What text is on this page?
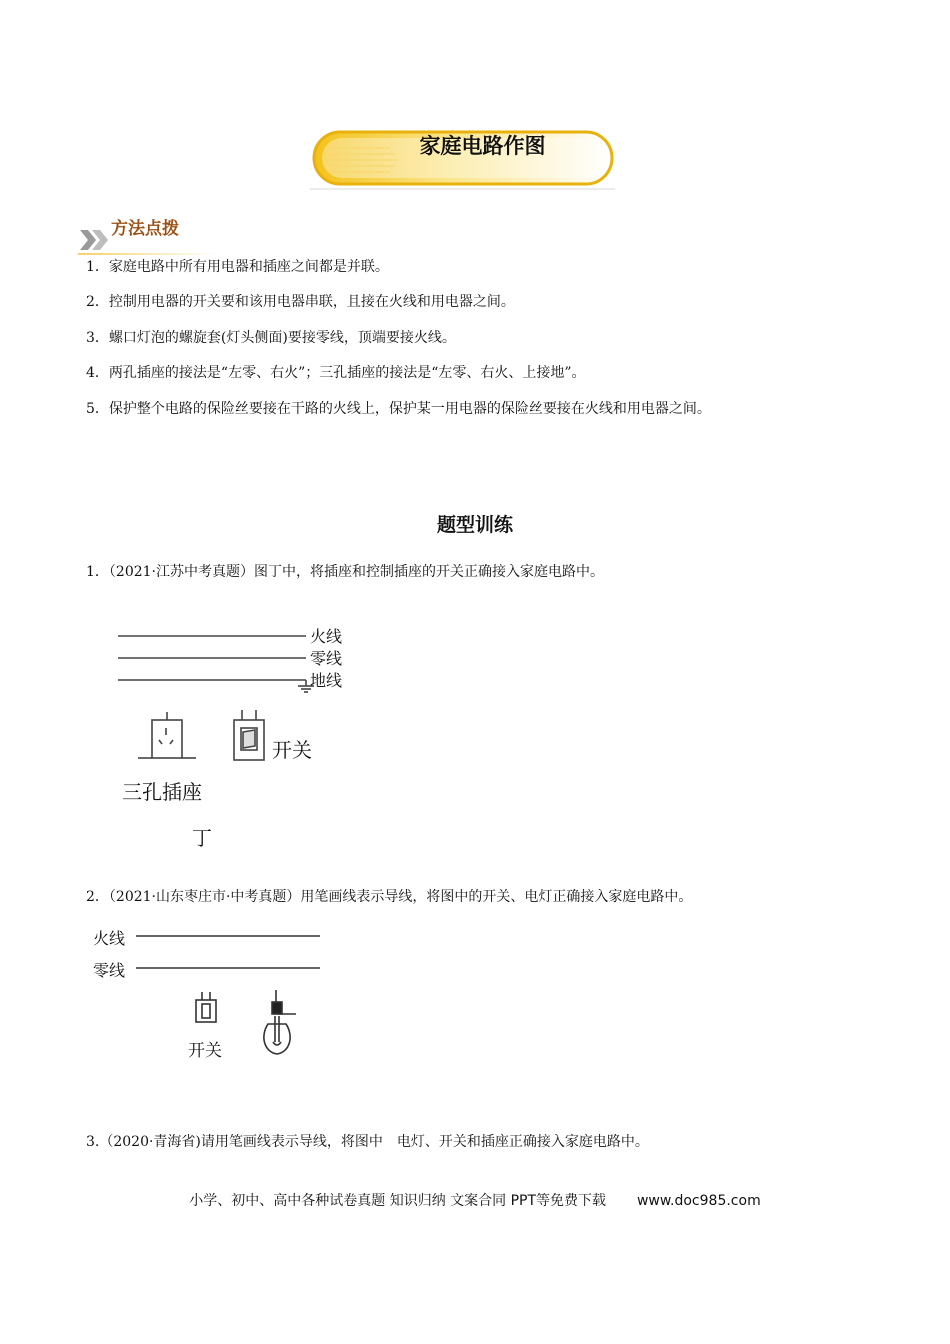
家庭电路作图
方法点拨
1．家庭电路中所有用电器和插座之间都是并联。
2．控制用电器的开关要和该用电器串联，且接在火线和用电器之间。
3．螺口灯泡的螺旋套(灯头侧面)要接零线，顶端要接火线。
4．两孔插座的接法是“左零、右火”；三孔插座的接法是“左零、右火、上接地”。
5．保护整个电路的保险丝要接在干路的火线上，保护某一用电器的保险丝要接在火线和用电器之间。
题型训练
1．（2021·江苏中考真题）图丁中，将插座和控制插座的开关正确接入家庭电路中。
火线
零线
地线
开关
三孔插座
丁
2．（2021·山东枣庄市·中考真题）用笔画线表示导线，将图中的开关、电灯正确接入家庭电路中。
火线
零线
开关
3.（2020·青海省)请用笔画线表示导线，将图中　电灯、开关和插座正确接入家庭电路中。
小学、初中、高中各种试卷真题 知识归纳 文案合同 PPT等免费下载 www.doc985.com
